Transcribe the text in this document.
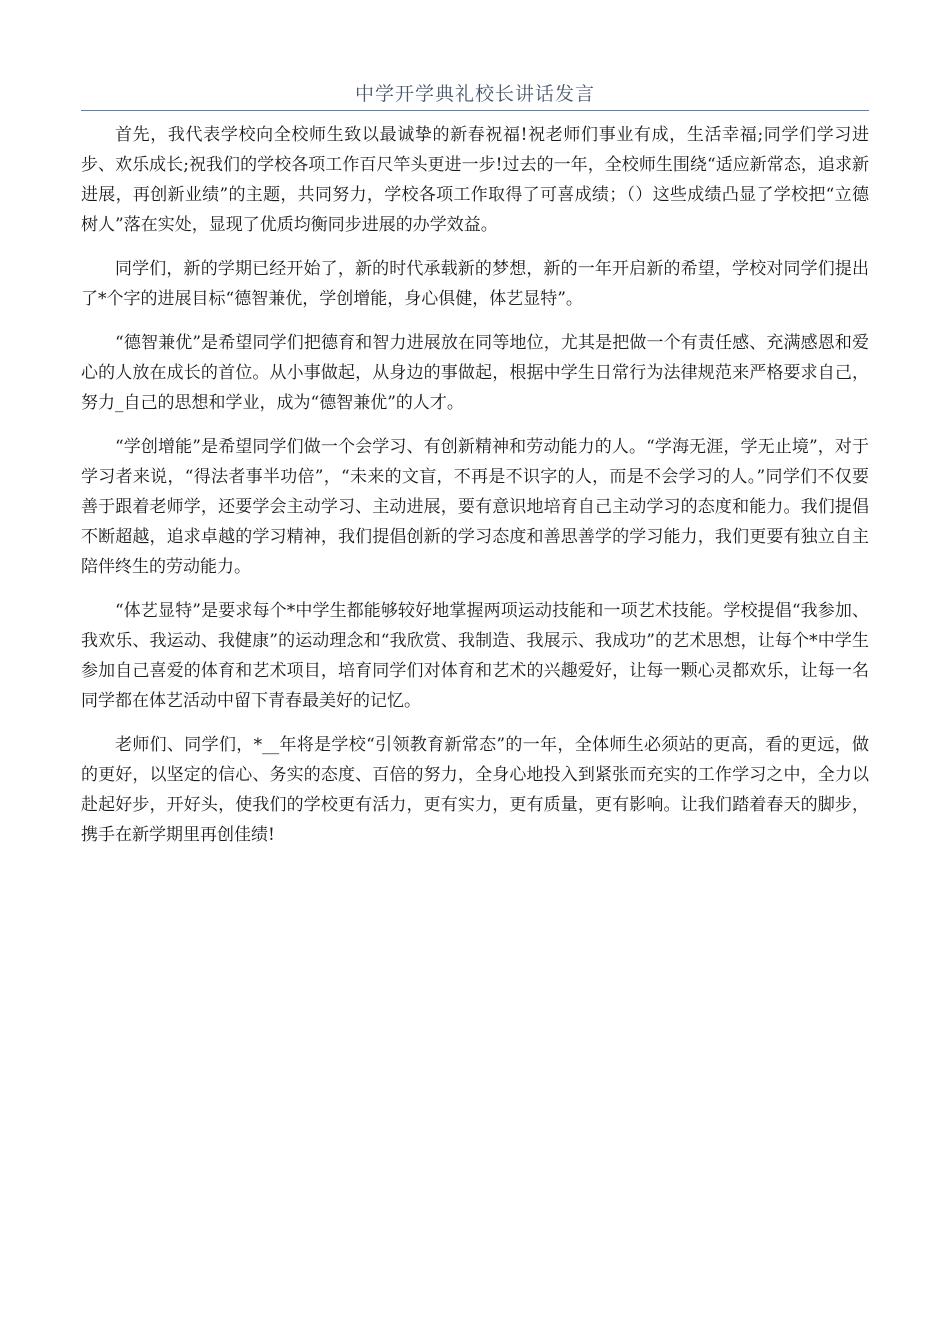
中学开学典礼校长讲话发言

首先，我代表学校向全校师生致以最诚挚的新春祝福!祝老师们事业有成，生活幸福;同学们学习进步、欢乐成长;祝我们的学校各项工作百尺竿头更进一步!过去的一年，全校师生围绕“适应新常态，追求新进展，再创新业绩”的主题，共同努力，学校各项工作取得了可喜成绩；（）这些成绩凸显了学校把“立德树人”落在实处，显现了优质均衡同步进展的办学效益。

同学们，新的学期已经开始了，新的时代承载新的梦想，新的一年开启新的希望，学校对同学们提出了*个字的进展目标“德智兼优，学创增能，身心俱健，体艺显特”。

“德智兼优”是希望同学们把德育和智力进展放在同等地位，尤其是把做一个有责任感、充满感恩和爱心的人放在成长的首位。从小事做起，从身边的事做起，根据中学生日常行为法律规范来严格要求自己，努力_自己的思想和学业，成为“德智兼优”的人才。

“学创增能”是希望同学们做一个会学习、有创新精神和劳动能力的人。“学海无涯，学无止境”，对于学习者来说，“得法者事半功倍”，“未来的文盲，不再是不识字的人，而是不会学习的人。”同学们不仅要善于跟着老师学，还要学会主动学习、主动进展，要有意识地培育自己主动学习的态度和能力。我们提倡不断超越，追求卓越的学习精神，我们提倡创新的学习态度和善思善学的学习能力，我们更要有独立自主陪伴终生的劳动能力。

“体艺显特”是要求每个*中学生都能够较好地掌握两项运动技能和一项艺术技能。学校提倡“我参加、我欢乐、我运动、我健康”的运动理念和“我欣赏、我制造、我展示、我成功”的艺术思想，让每个*中学生参加自己喜爱的体育和艺术项目，培育同学们对体育和艺术的兴趣爱好，让每一颗心灵都欢乐，让每一名同学都在体艺活动中留下青春最美好的记忆。

老师们、同学们，*__年将是学校“引领教育新常态”的一年，全体师生必须站的更高，看的更远，做的更好，以坚定的信心、务实的态度、百倍的努力，全身心地投入到紧张而充实的工作学习之中，全力以赴起好步，开好头，使我们的学校更有活力，更有实力，更有质量，更有影响。让我们踏着春天的脚步，携手在新学期里再创佳绩!
